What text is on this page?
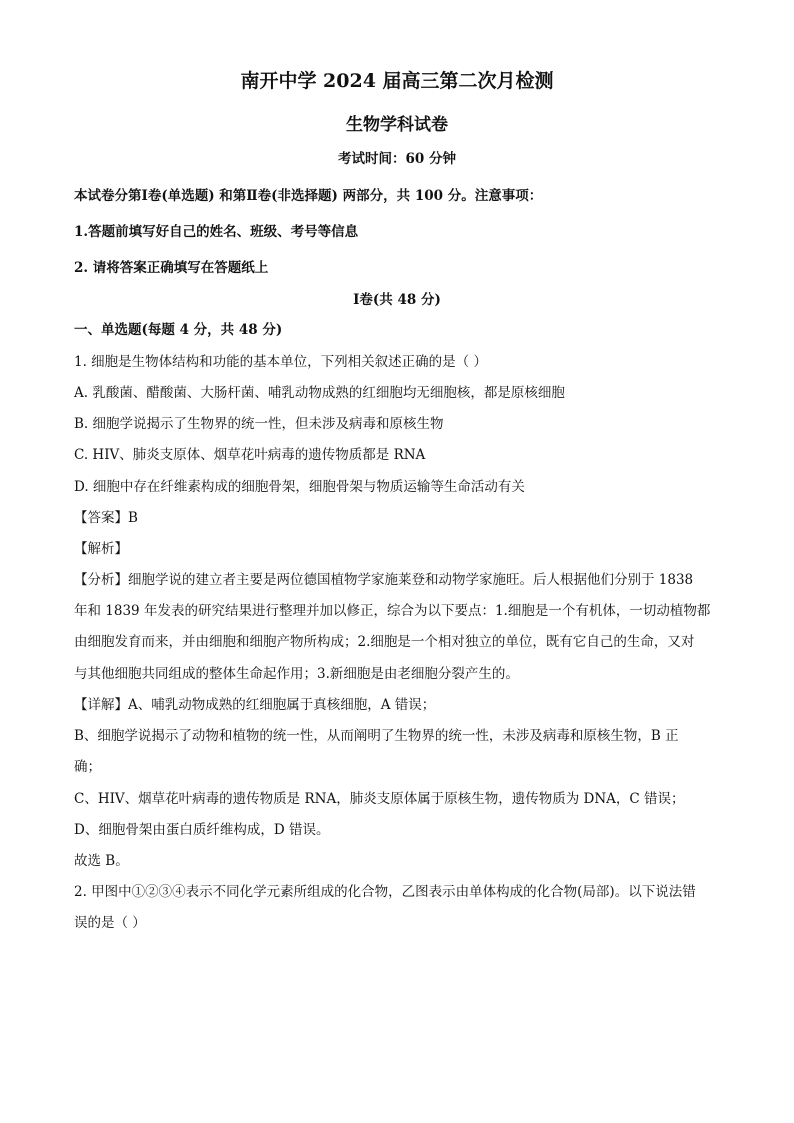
南开中学 2024 届高三第二次月检测
生物学科试卷
考试时间：60 分钟
本试卷分第Ⅰ卷(单选题) 和第Ⅱ卷(非选择题) 两部分，共 100 分。注意事项：
1.答题前填写好自己的姓名、班级、考号等信息
2. 请将答案正确填写在答题纸上
Ⅰ卷(共 48 分)
一、单选题(每题 4 分，共 48 分)
1. 细胞是生物体结构和功能的基本单位，下列相关叙述正确的是（ ）
A. 乳酸菌、醋酸菌、大肠杆菌、哺乳动物成熟的红细胞均无细胞核，都是原核细胞
B. 细胞学说揭示了生物界的统一性，但未涉及病毒和原核生物
C. HIV、肺炎支原体、烟草花叶病毒的遗传物质都是 RNA
D. 细胞中存在纤维素构成的细胞骨架，细胞骨架与物质运输等生命活动有关
【答案】B
【解析】
【分析】细胞学说的建立者主要是两位德国植物学家施莱登和动物学家施旺。后人根据他们分别于 1838
年和 1839 年发表的研究结果进行整理并加以修正，综合为以下要点：1.细胞是一个有机体，一切动植物都
由细胞发育而来，并由细胞和细胞产物所构成；2.细胞是一个相对独立的单位，既有它自己的生命，又对
与其他细胞共同组成的整体生命起作用；3.新细胞是由老细胞分裂产生的。
【详解】A、哺乳动物成熟的红细胞属于真核细胞，A 错误；
B、细胞学说揭示了动物和植物的统一性，从而阐明了生物界的统一性，未涉及病毒和原核生物，B 正
确；
C、HIV、烟草花叶病毒的遗传物质是 RNA，肺炎支原体属于原核生物，遗传物质为 DNA，C 错误；
D、细胞骨架由蛋白质纤维构成，D 错误。
故选 B。
2. 甲图中①②③④表示不同化学元素所组成的化合物，乙图表示由单体构成的化合物(局部)。以下说法错
误的是（ ）
